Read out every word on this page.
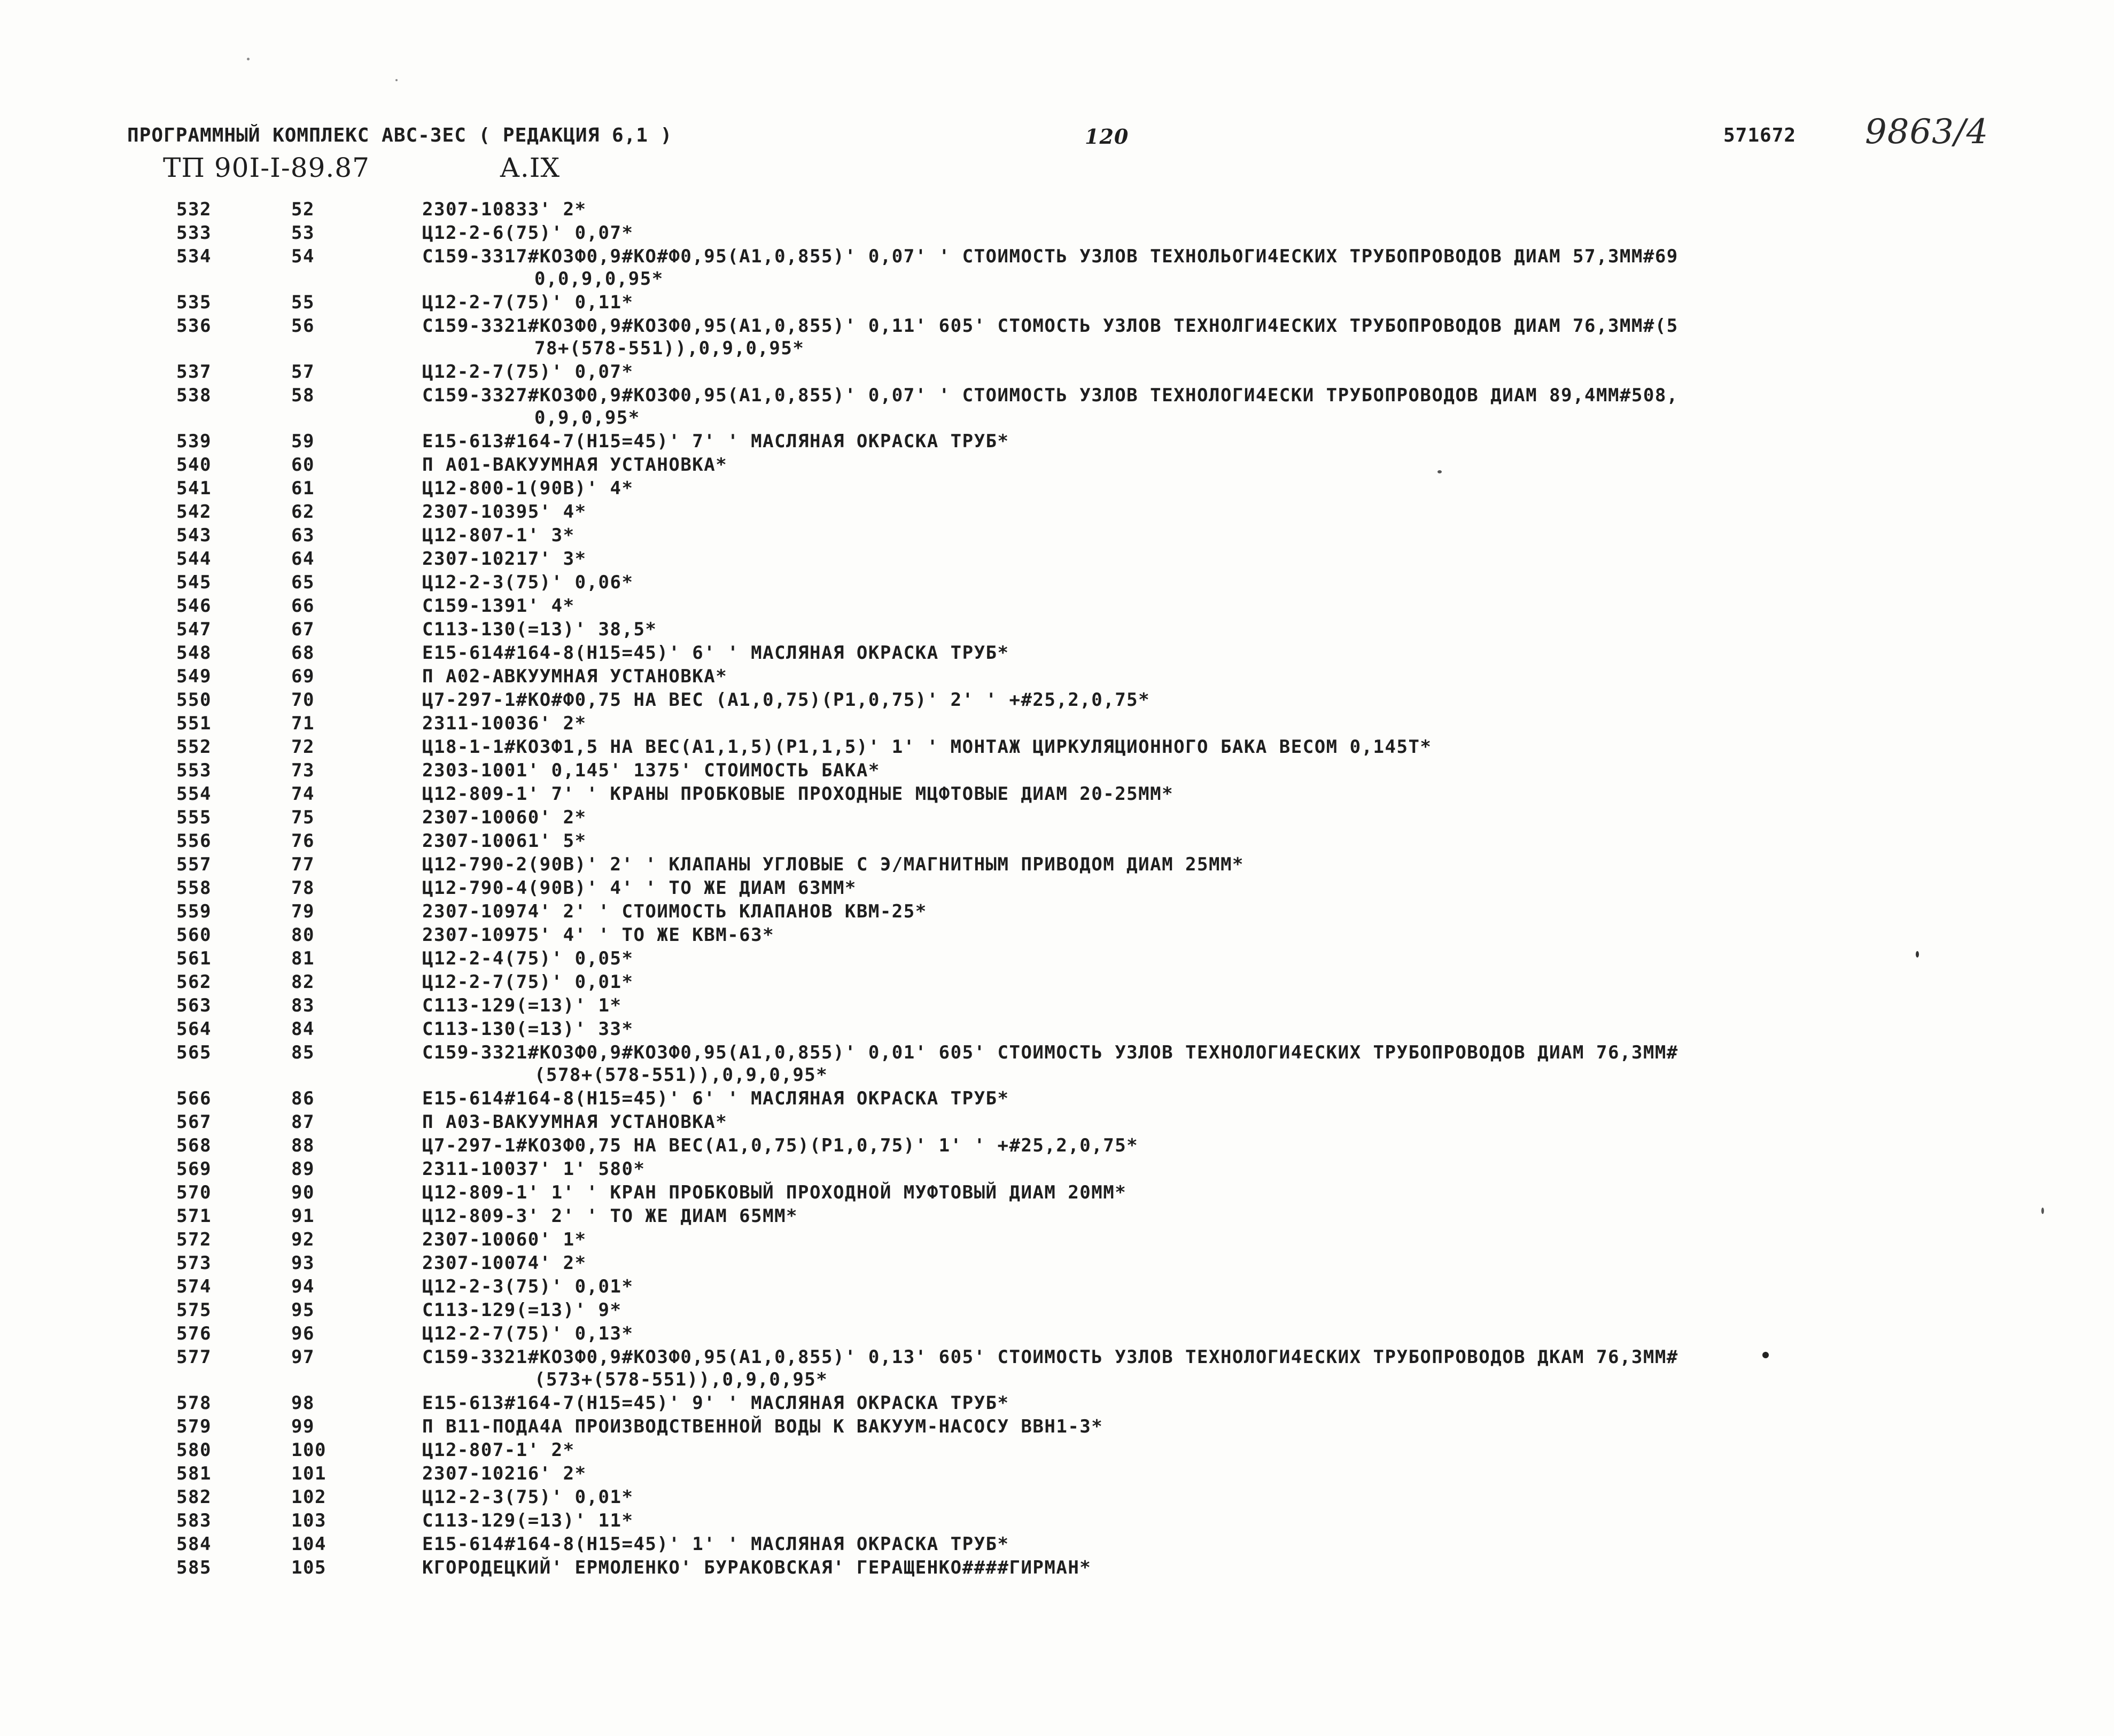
ПРОГРАММНЫЙ КОМПЛЕКС АВС-3ЕС ( РЕДАКЦИЯ 6,1 )	120	571672 9863/4
ТП 90I-I-89.87	А.IX
532	52	2307-10833' 2*
533	53	Ц12-2-6(75)' 0,07*
534	54	С159-3317#КО3Ф0,9#КО#Ф0,95(А1,0,855)' 0,07' ' СТОИМОСТЬ УЗЛОВ ТЕХНОЛЬОГИ4ЕСКИХ ТРУБОПРОВОДОВ ДИАМ 57,3ММ#69
0,0,9,0,95*
535	55	Ц12-2-7(75)' 0,11*
536	56	С159-3321#КО3Ф0,9#КО3Ф0,95(А1,0,855)' 0,11' 605' СТОМОСТЬ УЗЛОВ ТЕХНОЛГИ4ЕСКИХ ТРУБОПРОВОДОВ ДИАМ 76,3ММ#(5
78+(578-551)),0,9,0,95*
537	57	Ц12-2-7(75)' 0,07*
538	58	С159-3327#КО3Ф0,9#КО3Ф0,95(А1,0,855)' 0,07' ' СТОИМОСТЬ УЗЛОВ ТЕХНОЛОГИ4ЕСКИ ТРУБОПРОВОДОВ ДИАМ 89,4ММ#508,
0,9,0,95*
539	59	Е15-613#164-7(Н15=45)' 7' ' МАСЛЯНАЯ ОКРАСКА ТРУБ*
540	60	П А01-ВАКУУМНАЯ УСТАНОВКА*
541	61	Ц12-800-1(90В)' 4*
542	62	2307-10395' 4*
543	63	Ц12-807-1' 3*
544	64	2307-10217' 3*
545	65	Ц12-2-3(75)' 0,06*
546	66	С159-1391' 4*
547	67	С113-130(=13)' 38,5*
548	68	Е15-614#164-8(Н15=45)' 6' ' МАСЛЯНАЯ ОКРАСКА ТРУБ*
549	69	П А02-АВКУУМНАЯ УСТАНОВКА*
550	70	Ц7-297-1#КО#Ф0,75 НА ВЕС (А1,0,75)(Р1,0,75)' 2' ' +#25,2,0,75*
551	71	2311-10036' 2*
552	72	Ц18-1-1#КО3Ф1,5 НА ВЕС(А1,1,5)(Р1,1,5)' 1' ' МОНТАЖ ЦИРКУЛЯЦИОННОГО БАКА ВЕСОМ 0,145Т*
553	73	2303-1001' 0,145' 1375' СТОИМОСТЬ БАКА*
554	74	Ц12-809-1' 7' ' КРАНЫ ПРОБКОВЫЕ ПРОХОДНЫЕ МЦФТОВЫЕ ДИАМ 20-25ММ*
555	75	2307-10060' 2*
556	76	2307-10061' 5*
557	77	Ц12-790-2(90В)' 2' ' КЛАПАНЫ УГЛОВЫЕ С Э/МАГНИТНЫМ ПРИВОДОМ ДИАМ 25ММ*
558	78	Ц12-790-4(90В)' 4' ' ТО ЖЕ ДИАМ 63ММ*
559	79	2307-10974' 2' ' СТОИМОСТЬ КЛАПАНОВ КВМ-25*
560	80	2307-10975' 4' ' ТО ЖЕ КВМ-63*
561	81	Ц12-2-4(75)' 0,05*
562	82	Ц12-2-7(75)' 0,01*
563	83	С113-129(=13)' 1*
564	84	С113-130(=13)' 33*
565	85	С159-3321#КО3Ф0,9#КО3Ф0,95(А1,0,855)' 0,01' 605' СТОИМОСТЬ УЗЛОВ ТЕХНОЛОГИ4ЕСКИХ ТРУБОПРОВОДОВ ДИАМ 76,3ММ#
(578+(578-551)),0,9,0,95*
566	86	Е15-614#164-8(Н15=45)' 6' ' МАСЛЯНАЯ ОКРАСКА ТРУБ*
567	87	П А03-ВАКУУМНАЯ УСТАНОВКА*
568	88	Ц7-297-1#КО3Ф0,75 НА ВЕС(А1,0,75)(Р1,0,75)' 1' ' +#25,2,0,75*
569	89	2311-10037' 1' 580*
570	90	Ц12-809-1' 1' ' КРАН ПРОБКОВЫЙ ПРОХОДНОЙ МУФТОВЫЙ ДИАМ 20ММ*
571	91	Ц12-809-3' 2' ' ТО ЖЕ ДИАМ 65ММ*
572	92	2307-10060' 1*
573	93	2307-10074' 2*
574	94	Ц12-2-3(75)' 0,01*
575	95	С113-129(=13)' 9*
576	96	Ц12-2-7(75)' 0,13*
577	97	С159-3321#КО3Ф0,9#КО3Ф0,95(А1,0,855)' 0,13' 605' СТОИМОСТЬ УЗЛОВ ТЕХНОЛОГИ4ЕСКИХ ТРУБОПРОВОДОВ ДКАМ 76,3ММ#
(573+(578-551)),0,9,0,95*
578	98	Е15-613#164-7(Н15=45)' 9' ' МАСЛЯНАЯ ОКРАСКА ТРУБ*
579	99	П В11-ПОДА4А ПРОИЗВОДСТВЕННОЙ ВОДЫ К ВАКУУМ-НАСОСУ ВВН1-3*
580	100	Ц12-807-1' 2*
581	101	2307-10216' 2*
582	102	Ц12-2-3(75)' 0,01*
583	103	С113-129(=13)' 11*
584	104	Е15-614#164-8(Н15=45)' 1' ' МАСЛЯНАЯ ОКРАСКА ТРУБ*
585	105	КГОРОДЕЦКИЙ' ЕРМОЛЕНКО' БУРАКОВСКАЯ' ГЕРАЩЕНКО####ГИРМАН*
